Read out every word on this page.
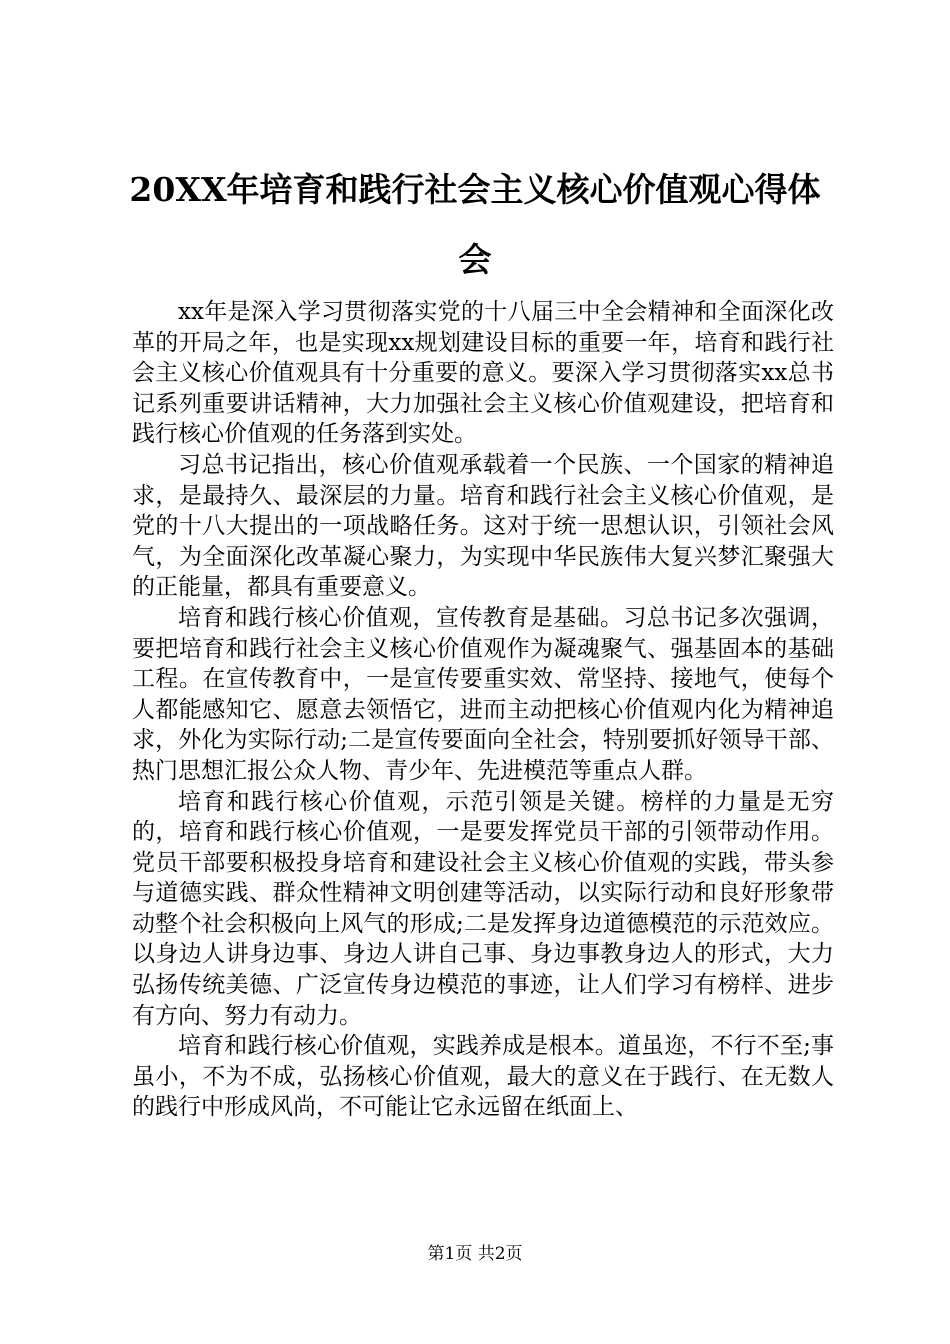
20XX年培育和践行社会主义核心价值观心得体会

xx年是深入学习贯彻落实党的十八届三中全会精神和全面深化改革的开局之年，也是实现xx规划建设目标的重要一年，培育和践行社会主义核心价值观具有十分重要的意义。要深入学习贯彻落实xx总书记系列重要讲话精神，大力加强社会主义核心价值观建设，把培育和践行核心价值观的任务落到实处。

习总书记指出，核心价值观承载着一个民族、一个国家的精神追求，是最持久、最深层的力量。培育和践行社会主义核心价值观，是党的十八大提出的一项战略任务。这对于统一思想认识，引领社会风气，为全面深化改革凝心聚力，为实现中华民族伟大复兴梦汇聚强大的正能量，都具有重要意义。

培育和践行核心价值观，宣传教育是基础。习总书记多次强调，要把培育和践行社会主义核心价值观作为凝魂聚气、强基固本的基础工程。在宣传教育中，一是宣传要重实效、常坚持、接地气，使每个人都能感知它、愿意去领悟它，进而主动把核心价值观内化为精神追求，外化为实际行动;二是宣传要面向全社会，特别要抓好领导干部、热门思想汇报公众人物、青少年、先进模范等重点人群。

培育和践行核心价值观，示范引领是关键。榜样的力量是无穷的，培育和践行核心价值观，一是要发挥党员干部的引领带动作用。党员干部要积极投身培育和建设社会主义核心价值观的实践，带头参与道德实践、群众性精神文明创建等活动，以实际行动和良好形象带动整个社会积极向上风气的形成;二是发挥身边道德模范的示范效应。以身边人讲身边事、身边人讲自己事、身边事教身边人的形式，大力弘扬传统美德、广泛宣传身边模范的事迹，让人们学习有榜样、进步有方向、努力有动力。

培育和践行核心价值观，实践养成是根本。道虽迩，不行不至;事虽小，不为不成，弘扬核心价值观，最大的意义在于践行、在无数人的践行中形成风尚，不可能让它永远留在纸面上、

第1页 共2页
